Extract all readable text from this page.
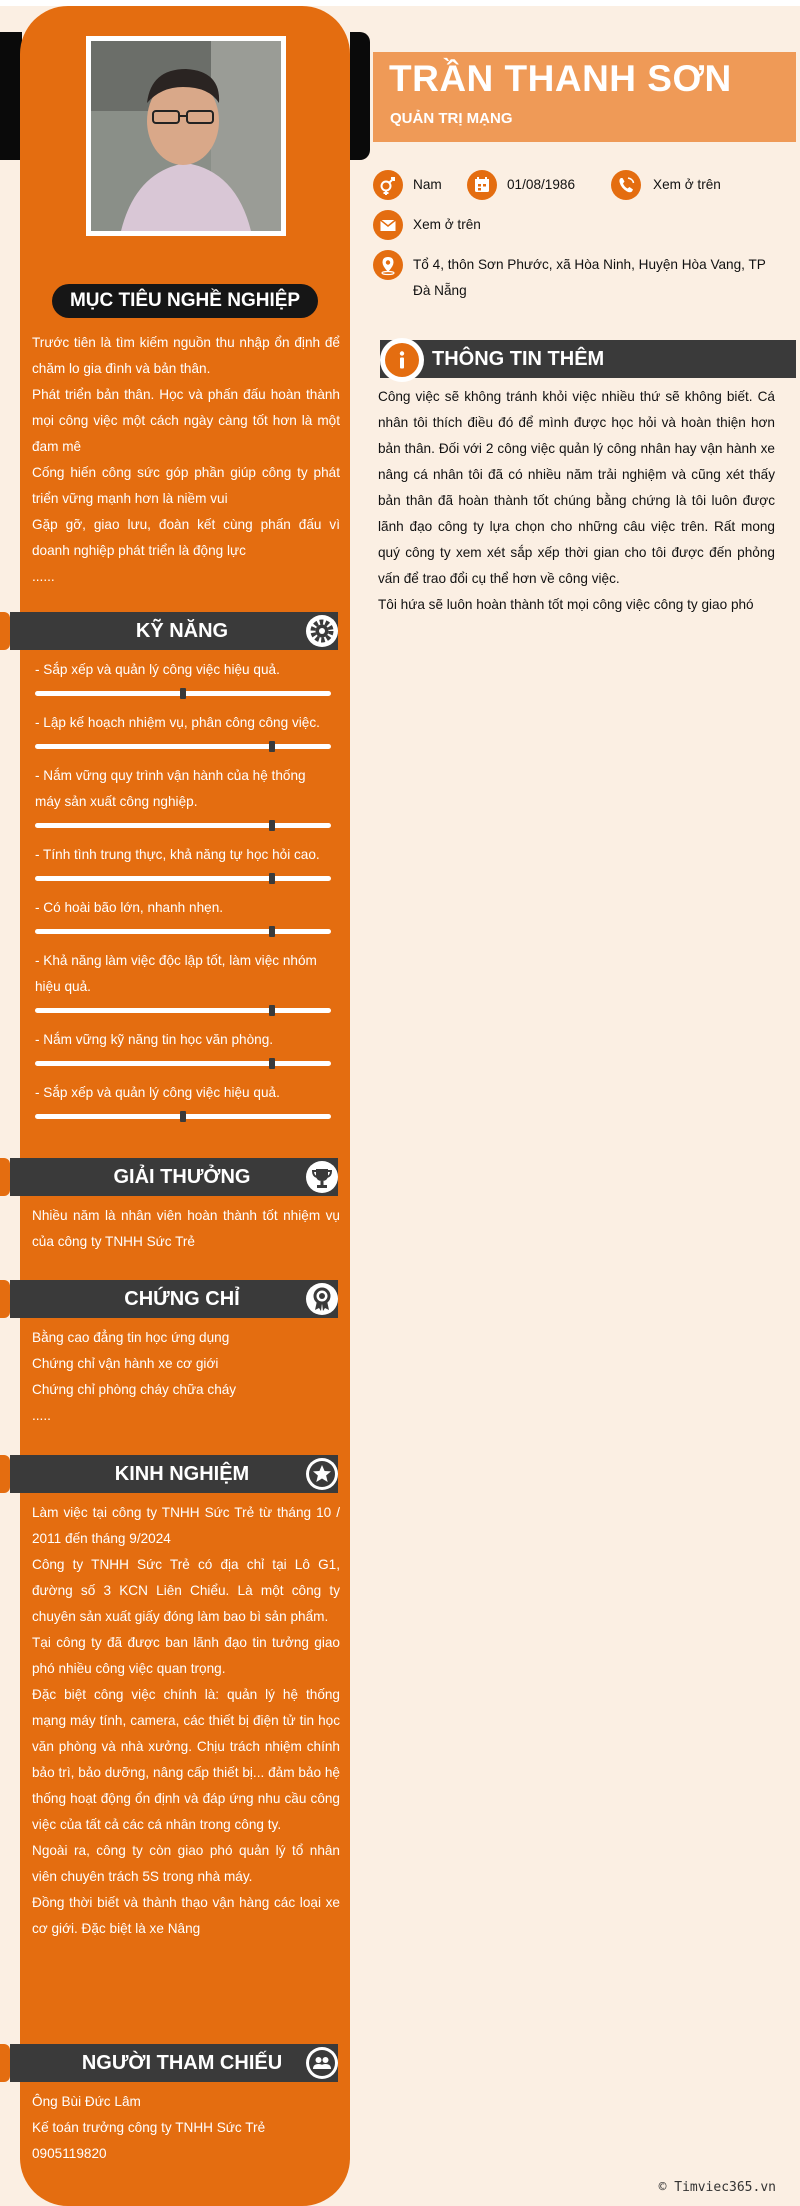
MỤC TIÊU NGHỀ NGHIỆP

Trước tiên là tìm kiếm nguồn thu nhập ổn định để chăm lo gia đình và bản thân.

Phát triển bản thân. Học và phấn đấu hoàn thành mọi công việc một cách ngày càng tốt hơn là một đam mê

Cống hiến công sức góp phần giúp công ty phát triển vững mạnh hơn là niềm vui

Gặp gỡ, giao lưu, đoàn kết cùng phấn đấu vì doanh nghiệp phát triển là động lực

......

KỸ NĂNG
- Sắp xếp và quản lý công việc hiệu quả.
- Lập kế hoạch nhiệm vụ, phân công công việc.
- Nắm vững quy trình vận hành của hệ thống máy sản xuất công nghiệp.
- Tính tình trung thực, khả năng tự học hỏi cao.
- Có hoài bão lớn, nhanh nhẹn.
- Khả năng làm việc độc lập tốt, làm việc nhóm hiệu quả.
- Nắm vững kỹ năng tin học văn phòng.
- Sắp xếp và quản lý công việc hiệu quả.
GIẢI THƯỞNG

Nhiều năm là nhân viên hoàn thành tốt nhiệm vụ của công ty TNHH Sức Trẻ

CHỨNG CHỈ

Bằng cao đẳng tin học ứng dụng

Chứng chỉ vận hành xe cơ giới

Chứng chỉ phòng cháy chữa cháy

.....

KINH NGHIỆM

Làm việc tại công ty TNHH Sức Trẻ từ tháng 10 / 2011 đến tháng 9/2024

Công ty TNHH Sức Trẻ có địa chỉ tại Lô G1, đường số 3 KCN Liên Chiểu. Là một công ty chuyên sản xuất giấy đóng làm bao bì sản phẩm.

Tại công ty đã được ban lãnh đạo tin tưởng giao phó nhiều công việc quan trọng.

Đặc biệt công việc chính là: quản lý hệ thống mạng máy tính, camera, các thiết bị điện tử tin học văn phòng và nhà xưởng. Chịu trách nhiệm chính bảo trì, bảo dưỡng, nâng cấp thiết bị... đảm bảo hệ thống hoạt động ổn định và đáp ứng nhu cầu công việc của tất cả các cá nhân trong công ty.

Ngoài ra, công ty còn giao phó quản lý tổ nhân viên chuyên trách 5S trong nhà máy.

Đồng thời biết và thành thạo vận hàng các loại xe cơ giới. Đặc biệt là xe Nâng

NGƯỜI THAM CHIẾU

Ông Bùi Đức Lâm

Kế toán trưởng công ty TNHH Sức Trẻ

0905119820

TRẦN THANH SƠN
QUẢN TRỊ MẠNG
Nam	01/08/1986	Xem ở trên
Xem ở trên
Tổ 4, thôn Sơn Phước, xã Hòa Ninh, Huyện Hòa Vang, TP Đà Nẵng
THÔNG TIN THÊM

Công việc sẽ không tránh khỏi việc nhiều thứ sẽ không biết. Cá nhân tôi thích điều đó để mình được học hỏi và hoàn thiện hơn bản thân. Đối với 2 công việc quản lý công nhân hay vận hành xe nâng cá nhân tôi đã có nhiều năm trải nghiệm và cũng xét thấy bản thân đã hoàn thành tốt chúng bằng chứng là tôi luôn được lãnh đạo công ty lựa chọn cho những câu việc trên. Rất mong quý công ty xem xét sắp xếp thời gian cho tôi được đến phỏng vấn để trao đổi cụ thể hơn về công việc.

Tôi hứa sẽ luôn hoàn thành tốt mọi công việc công ty giao phó

© Timviec365.vn
